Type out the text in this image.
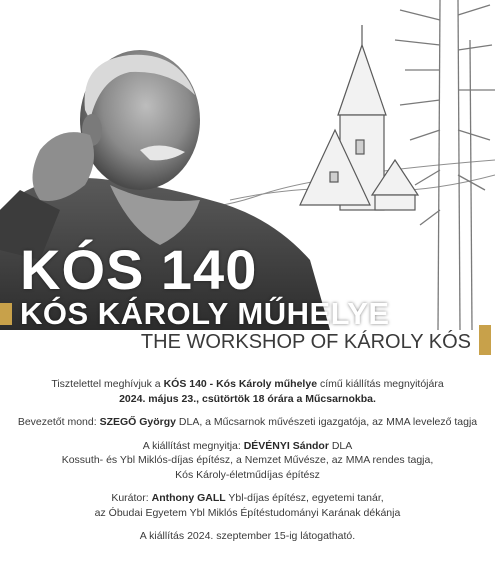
KÓS 140
KÓS KÁROLY MŰHELYE
THE WORKSHOP OF KÁROLY KÓS

Tisztelettel meghívjuk a KÓS 140 - Kós Károly műhelye című kiállítás megnyitójára
2024. május 23., csütörtök 18 órára a Műcsarnokba.

Bevezetőt mond: SZEGŐ György DLA, a Műcsarnok művészeti igazgatója, az MMA levelező tagja

A kiállítást megnyitja: DÉVÉNYI Sándor DLA
Kossuth- és Ybl Miklós-díjas építész, a Nemzet Művésze, az MMA rendes tagja,
Kós Károly-életműdíjas építész

Kurátor: Anthony GALL Ybl-díjas építész, egyetemi tanár,
az Óbudai Egyetem Ybl Miklós Építéstudományi Karának dékánja

A kiállítás 2024. szeptember 15-ig látogatható.
